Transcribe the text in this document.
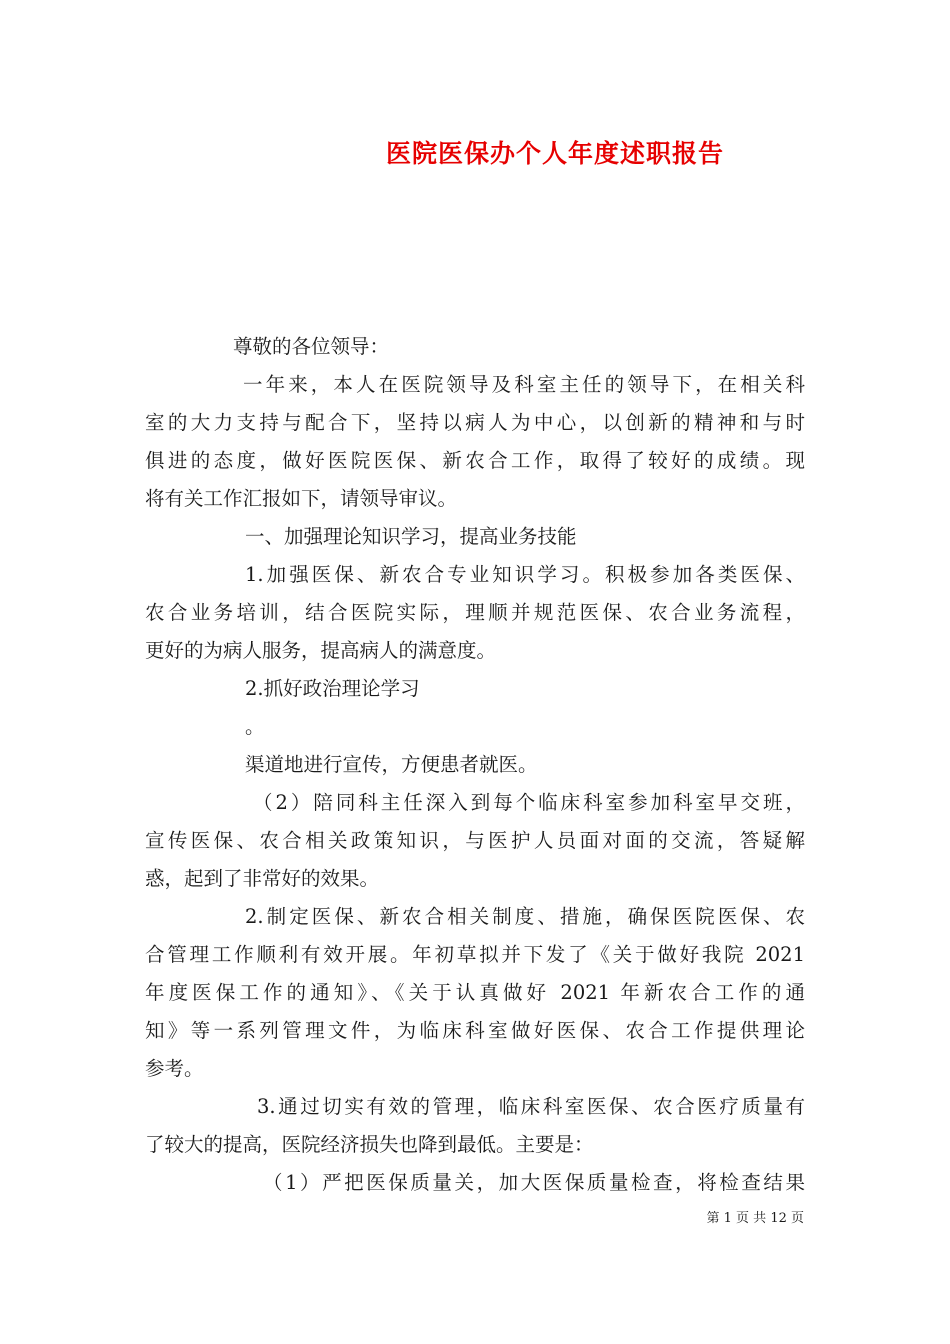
医院医保办个人年度述职报告
尊敬的各位领导：
一年来，本人在医院领导及科室主任的领导下，在相关科
室的大力支持与配合下，坚持以病人为中心，以创新的精神和与时
俱进的态度，做好医院医保、新农合工作，取得了较好的成绩。现
将有关工作汇报如下，请领导审议。
一、加强理论知识学习，提高业务技能
1.加强医保、新农合专业知识学习。积极参加各类医保、
农合业务培训，结合医院实际，理顺并规范医保、农合业务流程，
更好的为病人服务，提高病人的满意度。
2.抓好政治理论学习
。
渠道地进行宣传，方便患者就医。
（2）陪同科主任深入到每个临床科室参加科室早交班，
宣传医保、农合相关政策知识，与医护人员面对面的交流，答疑解
惑，起到了非常好的效果。
2.制定医保、新农合相关制度、措施，确保医院医保、农
合管理工作顺利有效开展。年初草拟并下发了《关于做好我院 2021
年度医保工作的通知》、《关于认真做好 2021 年新农合工作的通
知》等一系列管理文件，为临床科室做好医保、农合工作提供理论
参考。
3.通过切实有效的管理，临床科室医保、农合医疗质量有
了较大的提高，医院经济损失也降到最低。主要是：
（1）严把医保质量关，加大医保质量检查，将检查结果
第 1 页 共 12 页
